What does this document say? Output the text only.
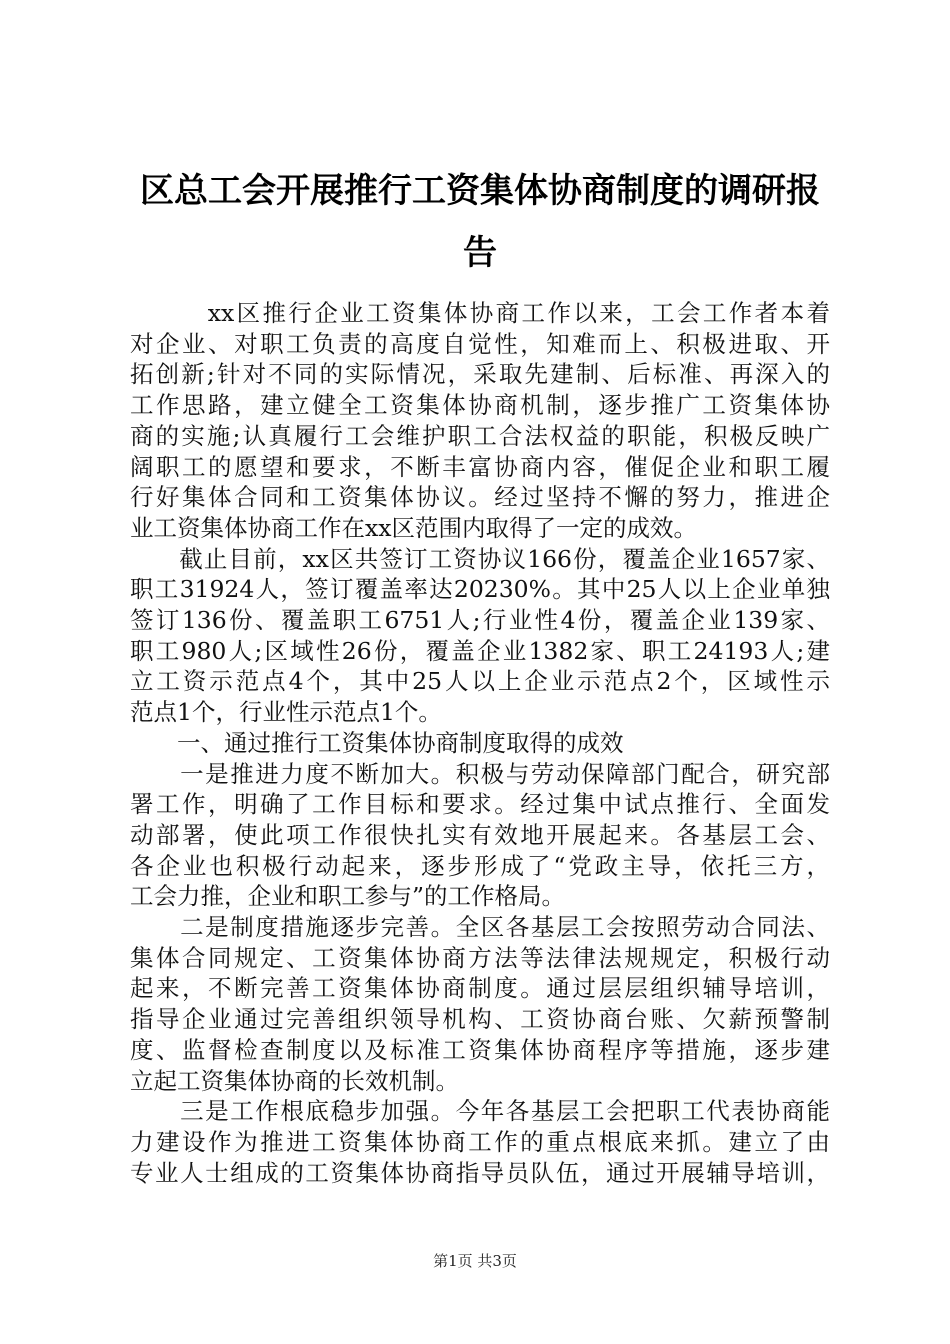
区总工会开展推行工资集体协商制度的调研报
告
　　　xx区推行企业工资集体协商工作以来，工会工作者本着
对企业、对职工负责的高度自觉性，知难而上、积极进取、开
拓创新;针对不同的实际情况，采取先建制、后标准、再深入的
工作思路，建立健全工资集体协商机制，逐步推广工资集体协
商的实施;认真履行工会维护职工合法权益的职能，积极反映广
阔职工的愿望和要求，不断丰富协商内容，催促企业和职工履
行好集体合同和工资集体协议。经过坚持不懈的努力，推进企
业工资集体协商工作在xx区范围内取得了一定的成效。
　　截止目前，xx区共签订工资协议166份，覆盖企业1657家、
职工31924人，签订覆盖率达20230%。其中25人以上企业单独
签订136份、覆盖职工6751人;行业性4份，覆盖企业139家、
职工980人;区域性26份，覆盖企业1382家、职工24193人;建
立工资示范点4个，其中25人以上企业示范点2个，区域性示
范点1个，行业性示范点1个。
　　一、通过推行工资集体协商制度取得的成效
　　一是推进力度不断加大。积极与劳动保障部门配合，研究部
署工作，明确了工作目标和要求。经过集中试点推行、全面发
动部署，使此项工作很快扎实有效地开展起来。各基层工会、
各企业也积极行动起来，逐步形成了“党政主导，依托三方，
工会力推，企业和职工参与”的工作格局。
　　二是制度措施逐步完善。全区各基层工会按照劳动合同法、
集体合同规定、工资集体协商方法等法律法规规定，积极行动
起来，不断完善工资集体协商制度。通过层层组织辅导培训，
指导企业通过完善组织领导机构、工资协商台账、欠薪预警制
度、监督检查制度以及标准工资集体协商程序等措施，逐步建
立起工资集体协商的长效机制。
　　三是工作根底稳步加强。今年各基层工会把职工代表协商能
力建设作为推进工资集体协商工作的重点根底来抓。建立了由
专业人士组成的工资集体协商指导员队伍，通过开展辅导培训，
第1页 共3页
